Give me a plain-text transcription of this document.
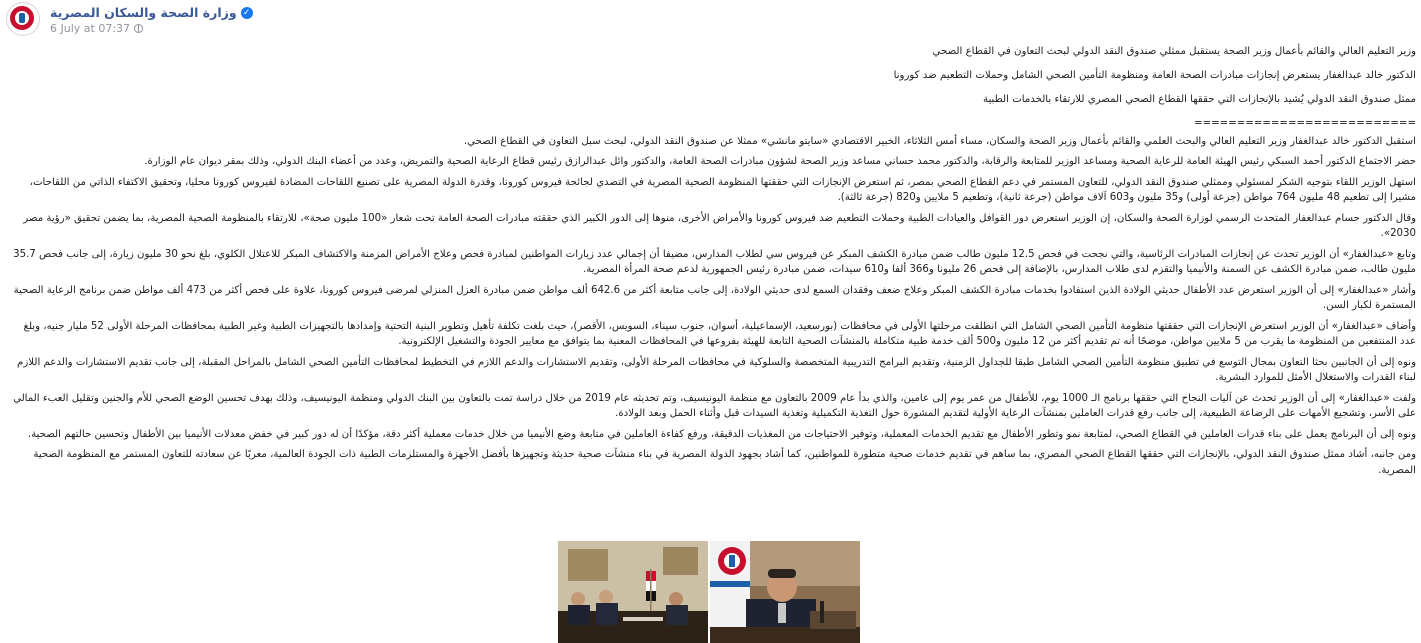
وزارة الصحة والسكان المصرية ✓
6 July at 07:37

وزير التعليم العالي والقائم بأعمال وزير الصحة يستقبل ممثلي صندوق النقد الدولي لبحث التعاون في القطاع الصحي

الدكتور خالد عبدالغفار يستعرض إنجازات مبادرات الصحة العامة ومنظومة التأمين الصحي الشامل وحملات التطعيم ضد كورونا

ممثل صندوق النقد الدولي يُشيد بالإنجازات التي حققها القطاع الصحي المصري للارتقاء بالخدمات الطبية

==========================

استقبل الدكتور خالد عبدالغفار وزير التعليم العالي والبحث العلمي والقائم بأعمال وزير الصحة والسكان، مساء أمس الثلاثاء، الخبير الاقتصادي «سايتو مانشي» ممثلا عن صندوق النقد الدولي، لبحث سبل التعاون في القطاع الصحي.

حضر الاجتماع الدكتور أحمد السبكي رئيس الهيئة العامة للرعاية الصحية ومساعد الوزير للمتابعة والرقابة، والدكتور محمد حساني مساعد وزير الصحة لشؤون مبادرات الصحة العامة، والدكتور وائل عبدالرازق رئيس قطاع الرعاية الصحية والتمريض، وعدد من أعضاء البنك الدولي، وذلك بمقر ديوان عام الوزارة.

استهل الوزير اللقاء بتوجيه الشكر لمسئولي وممثلي صندوق النقد الدولي، للتعاون المستمر في دعم القطاع الصحي بمصر، ثم استعرض الإنجازات التي حققتها المنظومة الصحية المصرية في التصدي لجائحة فيروس كورونا، وقدرة الدولة المصرية على تصنيع اللقاحات المضادة لفيروس كورونا محليا، وتحقيق الاكتفاء الذاتي من اللقاحات، مشيرا إلى تطعيم 48 مليون 764 مواطن (جرعة أولى) و35 مليون و603 آلاف مواطن (جرعة ثانية)، وتطعيم 5 ملايين و820 (جرعة ثالثة).

وقال الدكتور حسام عبدالغفار المتحدث الرسمي لوزارة الصحة والسكان، إن الوزير استعرض دور القوافل والعيادات الطبية وحملات التطعيم ضد فيروس كورونا والأمراض الأخرى، منوها إلى الدور الكبير الذي حققته مبادرات الصحة العامة تحت شعار «100 مليون صحة»، للارتقاء بالمنظومة الصحية المصرية، بما يضمن تحقيق «رؤية مصر 2030».

وتابع «عبدالغفار» أن الوزير تحدث عن إنجازات المبادرات الرئاسية، والتي نجحت في فحص 12.5 مليون طالب ضمن مبادرة الكشف المبكر عن فيروس سي لطلاب المدارس، مضيفا أن إجمالي عدد زيارات المواطنين لمبادرة فحص وعلاج الأمراض المزمنة والاكتشاف المبكر للاعتلال الكلوي، بلغ نحو 30 مليون زيارة، إلى جانب فحص 35.7 مليون طالب، ضمن مبادرة الكشف عن السمنة والأنيميا والتقزم لدى طلاب المدارس، بالإضافة إلى فحص 26 مليونا و366 ألفا و610 سيدات، ضمن مبادرة رئيس الجمهورية لدعم صحة المرأة المصرية.

وأشار «عبدالغفار» إلى أن الوزير استعرض عدد الأطفال حديثي الولادة الذين استفادوا بخدمات مبادرة الكشف المبكر وعلاج ضعف وفقدان السمع لدى حديثي الولادة، إلى جانب متابعة أكثر من 642.6 ألف مواطن ضمن مبادرة العزل المنزلي لمرضى فيروس كورونا، علاوة على فحص أكثر من 473 ألف مواطن ضمن برنامج الرعاية الصحية المستمرة لكبار السن.

وأضاف «عبدالغفار» أن الوزير استعرض الإنجازات التي حققتها منظومة التأمين الصحي الشامل التي انطلقت مرحلتها الأولى في محافظات (بورسعيد، الإسماعيلية، أسوان، جنوب سيناء، السويس، الأقصر)، حيث بلغت تكلفة تأهيل وتطوير البنية التحتية وإمدادها بالتجهيزات الطبية وغير الطبية بمحافظات المرحلة الأولى 52 مليار جنيه، وبلغ عدد المنتفعين من المنظومة ما يقرب من 5 ملايين مواطن، موضحًا أنه تم تقديم أكثر من 12 مليون و500 ألف خدمة طبية متكاملة بالمنشآت الصحية التابعة للهيئة بفروعها في المحافظات المعنية بما يتوافق مع معايير الجودة والتشغيل الإلكترونية.

ونوه إلى أن الجانبين بحثا التعاون بمجال التوسع في تطبيق منظومة التأمين الصحي الشامل طبقا للجداول الزمنية، وتقديم البرامج التدريبية المتخصصة والسلوكية في محافظات المرحلة الأولى، وتقديم الاستشارات والدعم اللازم في التخطيط لمحافظات التأمين الصحي الشامل بالمراحل المقبلة، إلى جانب تقديم الاستشارات والدعم اللازم لبناء القدرات والاستغلال الأمثل للموارد البشرية.

ولفت «عبدالغفار» إلى أن الوزير تحدث عن آليات النجاح التي حققها برنامج الـ 1000 يوم، للأطفال من عمر يوم إلى عامين، والذي بدأ عام 2009 بالتعاون مع منظمة اليونيسيف، وتم تحديثه عام 2019 من خلال دراسة تمت بالتعاون بين البنك الدولي ومنظمة اليونيسيف، وذلك بهدف تحسين الوضع الصحي للأم والجنين وتقليل العبء المالي على الأسر، وتشجيع الأمهات على الرضاعة الطبيعية، إلى جانب رفع قدرات العاملين بمنشآت الرعاية الأولية لتقديم المشورة حول التغذية التكميلية وتغذية السيدات قبل وأثناء الحمل وبعد الولادة.

ونوه إلى أن البرنامج يعمل على بناء قدرات العاملين في القطاع الصحي، لمتابعة نمو وتطور الأطفال مع تقديم الخدمات المعملية، وتوفير الاحتياجات من المغذيات الدقيقة، ورفع كفاءة العاملين في متابعة وضع الأنيميا من خلال خدمات معملية أكثر دقة، مؤكدًا أن له دور كبير في خفض معدلات الأنيميا بين الأطفال وتحسين حالتهم الصحية.

ومن جانبه، أشاد ممثل صندوق النقد الدولي، بالإنجازات التي حققها القطاع الصحي المصري، بما ساهم في تقديم خدمات صحية متطورة للمواطنين، كما أشاد بجهود الدولة المصرية في بناء منشآت صحية حديثة وتجهيزها بأفضل الأجهزة والمستلزمات الطبية ذات الجودة العالمية، معربًا عن سعادته للتعاون المستمر مع المنظومة الصحية المصرية.
